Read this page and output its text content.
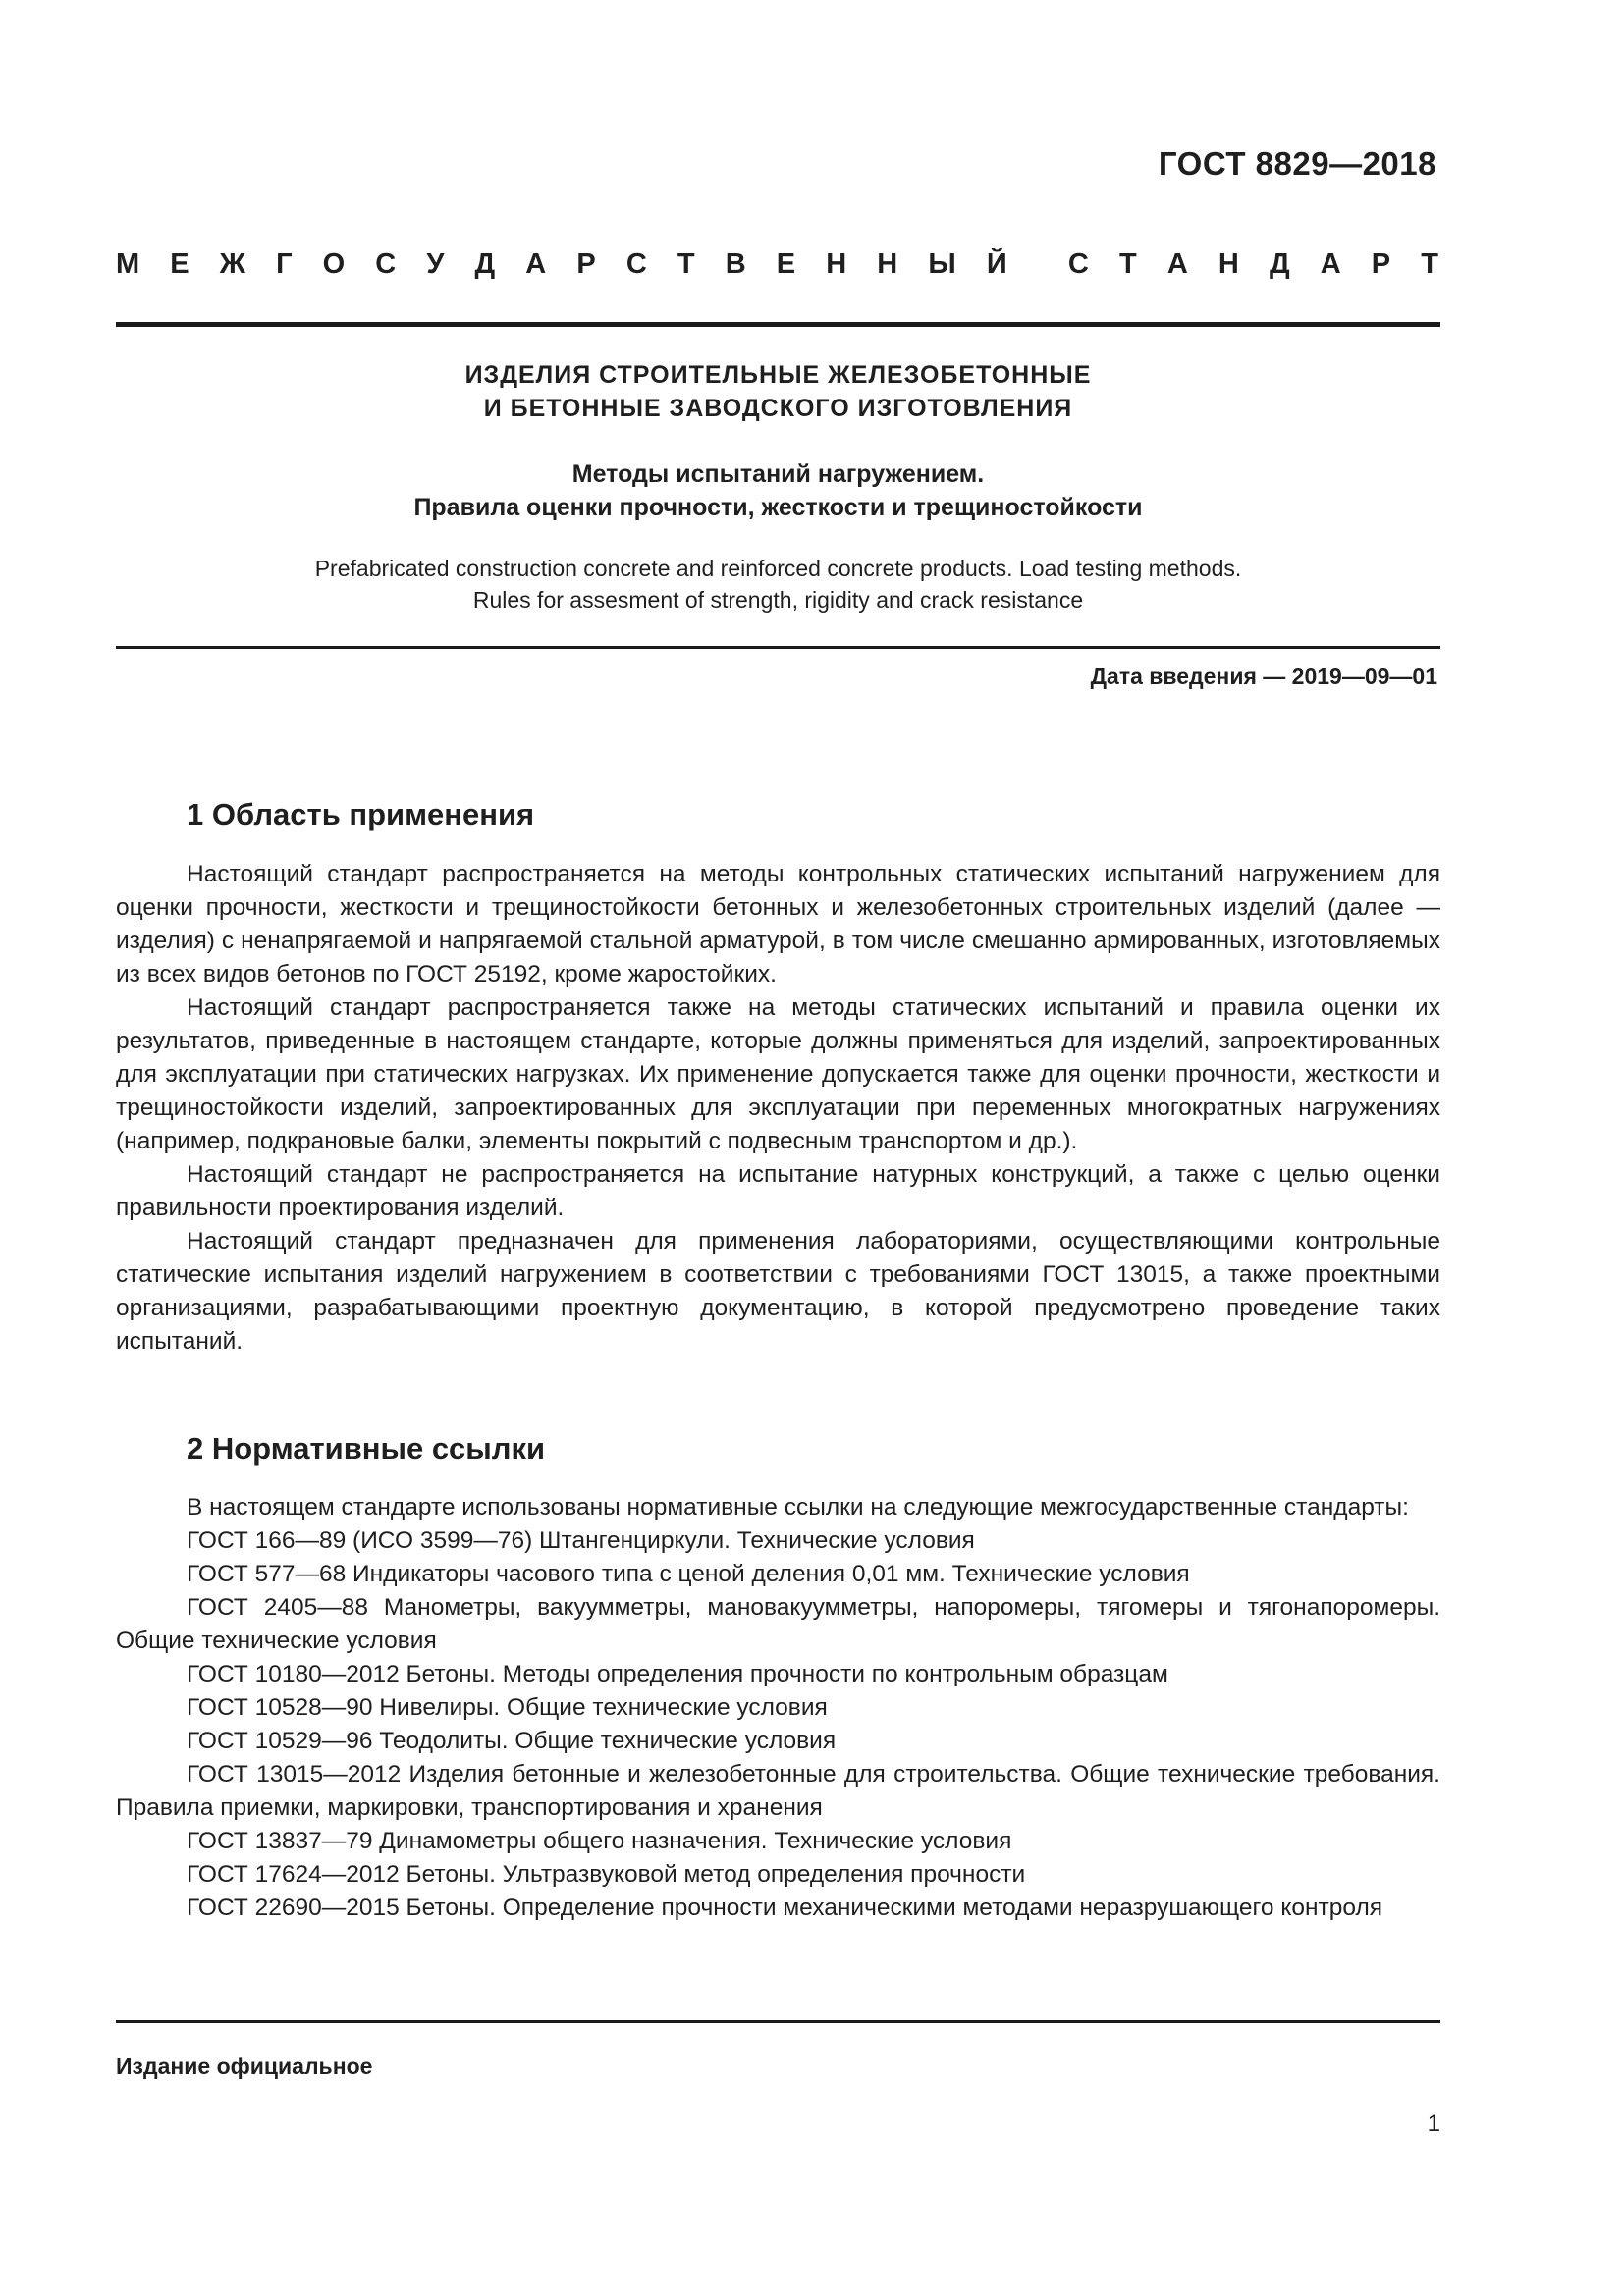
ГОСТ 8829—2018
М Е Ж Г О С У Д А Р С Т В Е Н Н Ы Й С Т А Н Д А Р Т
ИЗДЕЛИЯ СТРОИТЕЛЬНЫЕ ЖЕЛЕЗОБЕТОННЫЕ
И БЕТОННЫЕ ЗАВОДСКОГО ИЗГОТОВЛЕНИЯ
Методы испытаний нагружением.
Правила оценки прочности, жесткости и трещиностойкости
Prefabricated construction concrete and reinforced concrete products. Load testing methods.
Rules for assesment of strength, rigidity and crack resistance
Дата введения — 2019—09—01
1 Область применения

Настоящий стандарт распространяется на методы контрольных статических испытаний нагружением для оценки прочности, жесткости и трещиностойкости бетонных и железобетонных строительных изделий (далее — изделия) с ненапрягаемой и напрягаемой стальной арматурой, в том числе смешанно армированных, изготовляемых из всех видов бетонов по ГОСТ 25192, кроме жаростойких.

Настоящий стандарт распространяется также на методы статических испытаний и правила оценки их результатов, приведенные в настоящем стандарте, которые должны применяться для изделий, запроектированных для эксплуатации при статических нагрузках. Их применение допускается также для оценки прочности, жесткости и трещиностойкости изделий, запроектированных для эксплуатации при переменных многократных нагружениях (например, подкрановые балки, элементы покрытий с подвесным транспортом и др.).

Настоящий стандарт не распространяется на испытание натурных конструкций, а также с целью оценки правильности проектирования изделий.

Настоящий стандарт предназначен для применения лабораториями, осуществляющими контрольные статические испытания изделий нагружением в соответствии с требованиями ГОСТ 13015, а также проектными организациями, разрабатывающими проектную документацию, в которой предусмотрено проведение таких испытаний.

2 Нормативные ссылки

В настоящем стандарте использованы нормативные ссылки на следующие межгосударственные стандарты:

ГОСТ 166—89 (ИСО 3599—76) Штангенциркули. Технические условия

ГОСТ 577—68 Индикаторы часового типа с ценой деления 0,01 мм. Технические условия

ГОСТ 2405—88 Манометры, вакуумметры, мановакуумметры, напоромеры, тягомеры и тягонапоромеры. Общие технические условия

ГОСТ 10180—2012 Бетоны. Методы определения прочности по контрольным образцам

ГОСТ 10528—90 Нивелиры. Общие технические условия

ГОСТ 10529—96 Теодолиты. Общие технические условия

ГОСТ 13015—2012 Изделия бетонные и железобетонные для строительства. Общие технические требования. Правила приемки, маркировки, транспортирования и хранения

ГОСТ 13837—79 Динамометры общего назначения. Технические условия

ГОСТ 17624—2012 Бетоны. Ультразвуковой метод определения прочности

ГОСТ 22690—2015 Бетоны. Определение прочности механическими методами неразрушающего контроля

Издание официальное
1
